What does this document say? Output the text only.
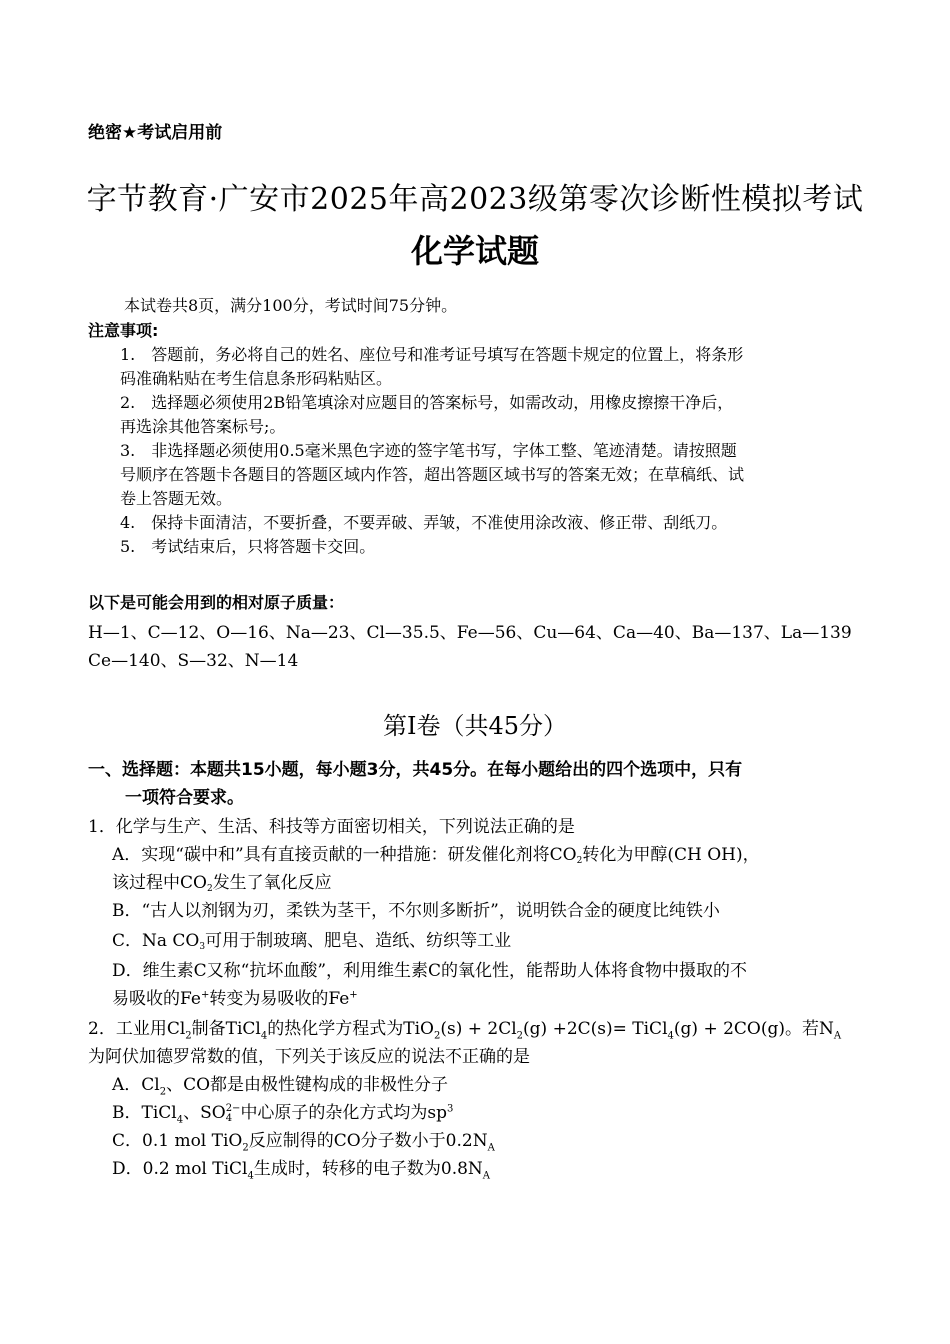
绝密★考试启用前
字节教育·广安市2025年高2023级第零次诊断性模拟考试
化学试题
本试卷共8页，满分100分，考试时间75分钟。
注意事项:
1.　答题前，务必将自己的姓名、座位号和准考证号填写在答题卡规定的位置上，将条形
码准确粘贴在考生信息条形码粘贴区。
2.　选择题必须使用2B铅笔填涂对应题目的答案标号，如需改动，用橡皮擦擦干净后，
再选涂其他答案标号;。
3.　非选择题必须使用0.5毫米黑色字迹的签字笔书写，字体工整、笔迹清楚。请按照题
号顺序在答题卡各题目的答题区域内作答，超出答题区域书写的答案无效；在草稿纸、试
卷上答题无效。
4.　保持卡面清洁，不要折叠，不要弄破、弄皱，不准使用涂改液、修正带、刮纸刀。
5.　考试结束后，只将答题卡交回。
以下是可能会用到的相对原子质量：
H—1、C—12、O—16、Na—23、Cl—35.5、Fe—56、Cu—64、Ca—40、Ba—137、La—139
Ce—140、S—32、N—14
第I卷（共45分）
一、选择题：本题共15小题，每小题3分，共45分。在每小题给出的四个选项中，只有
一项符合要求。
1．化学与生产、生活、科技等方面密切相关，下列说法正确的是
A．实现“碳中和”具有直接贡献的一种措施：研发催化剂将$CO_2$转化为甲醇(CH OH)，
该过程中$CO_2$发生了氧化反应
B．“古人以剂钢为刃，柔铁为茎干，不尔则多断折”，说明铁合金的硬度比纯铁小
C．Na $CO_3$可用于制玻璃、肥皂、造纸、纺织等工业
D．维生素C又称“抗坏血酸”，利用维生素C的氧化性，能帮助人体将食物中摄取的不
易吸收的Fe+转变为易吸收的Fe+
2．工业用$Cl_2$制备TiCl$_4$的热化学方程式为$TiO_2(s) + 2Cl_2(g) +2C(s)=$ TiCl$_4$(g) + 2CO(g)。若$N_A$
为阿伏加德罗常数的值，下列关于该反应的说法不正确的是
A．$Cl_2$、CO都是由极性键构成的非极性分子
B．TiCl$_4$、SO 2−
4 中心原子的杂化方式均为$sp^3$
C．0.1 mol TiO$_2$反应制得的CO分子数小于$0.2N_A$
D．0.2 mol TiCl$_4$生成时，转移的电子数为$0.8N_A$
